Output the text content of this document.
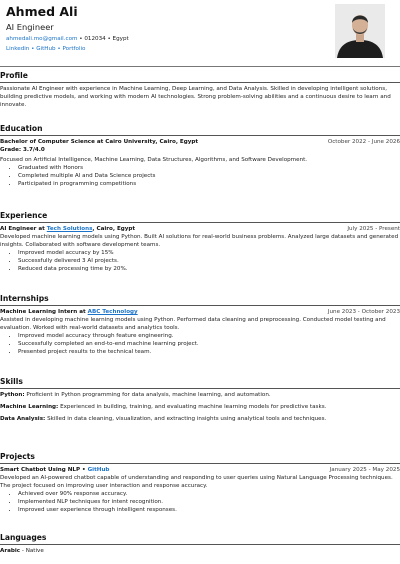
Ahmed Ali
AI Engineer
ahmedali.mo@gmail.com • 012034 • Egypt
Linkedin • GitHub • Portfolio
Profile

Passionate AI Engineer with experience in Machine Learning, Deep Learning, and Data Analysis. Skilled in developing intelligent solutions, building predictive models, and working with modern AI technologies. Strong problem-solving abilities and a continuous desire to learn and innovate.

Education
Bachelor of Computer Science at Cairo University, Cairo, Egypt	October 2022 - June 2026
Grade: 3.7/4.0

Focused on Artificial Intelligence, Machine Learning, Data Structures, Algorithms, and Software Development.

• Graduated with Honors
• Completed multiple AI and Data Science projects
• Participated in programming competitions
Experience
AI Engineer at Tech Solutions, Cairo, Egypt	July 2025 - Present

Developed machine learning models using Python. Built AI solutions for real-world business problems. Analyzed large datasets and generated insights. Collaborated with software development teams.

• Improved model accuracy by 15%
• Successfully delivered 3 AI projects.
• Reduced data processing time by 20%.
Internships
Machine Learning Intern at ABC Technology	June 2023 - October 2023

Assisted in developing machine learning models using Python. Performed data cleaning and preprocessing. Conducted model testing and evaluation. Worked with real-world datasets and analytics tools.

• Improved model accuracy through feature engineering.
• Successfully completed an end-to-end machine learning project.
• Presented project results to the technical team.
Skills

Python: Proficient in Python programming for data analysis, machine learning, and automation.

Machine Learning: Experienced in building, training, and evaluating machine learning models for predictive tasks.

Data Analysis: Skilled in data cleaning, visualization, and extracting insights using analytical tools and techniques.

Projects
Smart Chatbot Using NLP • GitHub	January 2025 - May 2025

Developed an AI-powered chatbot capable of understanding and responding to user queries using Natural Language Processing techniques. The project focused on improving user interaction and response accuracy.

• Achieved over 90% response accuracy.
• Implemented NLP techniques for intent recognition.
• Improved user experience through intelligent responses.
Languages

Arabic - Native
